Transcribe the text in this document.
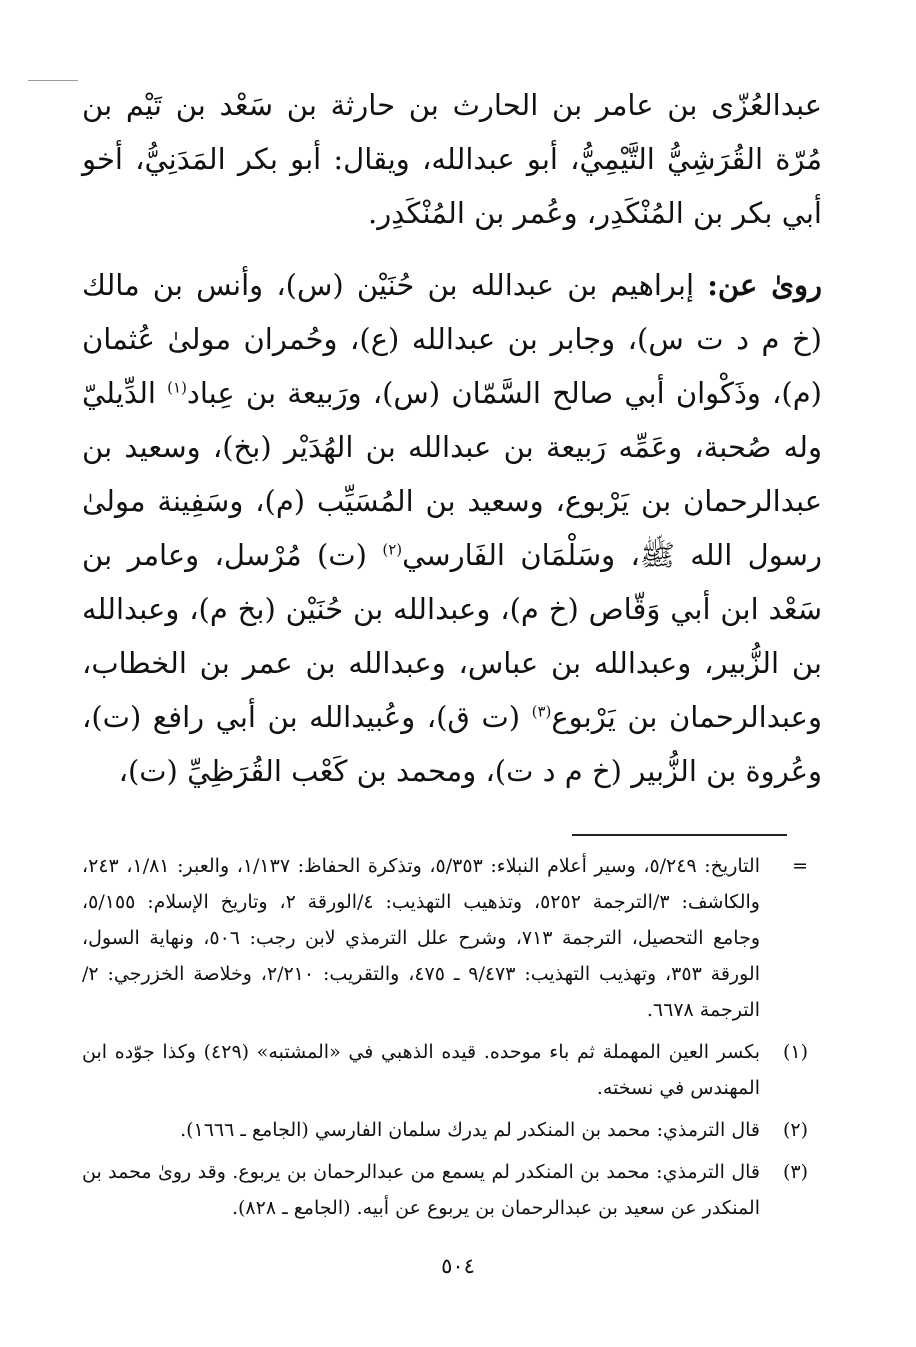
عبدالعُزّى بن عامر بن الحارث بن حارثة بن سَعْد بن تَيْم بن مُرّة القُرَشِيُّ التَّيْمِيُّ، أبو عبدالله، ويقال: أبو بكر المَدَنِيُّ، أخو أبي بكر بن المُنْكَدِر، وعُمر بن المُنْكَدِر.

روىٰ عن: إبراهيم بن عبدالله بن حُنَيْن (س)، وأنس بن مالك (خ م د ت س)، وجابر بن عبدالله (ع)، وحُمران مولىٰ عُثمان (م)، وذَكْوان أبي صالح السَّمّان (س)، ورَبيعة بن عِباد$^{(١)}$ الدِّيليّ وله صُحبة، وعَمِّه رَبيعة بن عبدالله بن الهُدَيْر (بخ)، وسعيد بن عبدالرحمان بن يَرْبوع، وسعيد بن المُسَيِّب (م)، وسَفِينة مولىٰ رسول الله ﷺ، وسَلْمَان الفَارسي$^{(٢)}$ (ت) مُرْسل، وعامر بن سَعْد ابن أبي وَقّاص (خ م)، وعبدالله بن حُنَيْن (بخ م)، وعبدالله بن الزُّبير، وعبدالله بن عباس، وعبدالله بن عمر بن الخطاب، وعبدالرحمان بن يَرْبوع$^{(٣)}$ (ت ق)، وعُبيدالله بن أبي رافع (ت)، وعُروة بن الزُّبير (خ م د ت)، ومحمد بن كَعْب القُرَظِيِّ (ت)،

=
التاريخ: ٥/٢٤٩، وسير أعلام النبلاء: ٥/٣٥٣، وتذكرة الحفاظ: ١/١٣٧، والعبر: ١/٨١، ٢٤٣، والكاشف: ٣/الترجمة ٥٢٥٢، وتذهيب التهذيب: ٤/الورقة ٢، وتاريخ الإسلام: ٥/١٥٥، وجامع التحصيل، الترجمة ٧١٣، وشرح علل الترمذي لابن رجب: ٥٠٦، ونهاية السول، الورقة ٣٥٣، وتهذيب التهذيب: ٩/٤٧٣ ـ ٤٧٥، والتقريب: ٢/٢١٠، وخلاصة الخزرجي: ٢/الترجمة ٦٦٧٨.
(١)
بكسر العين المهملة ثم باء موحده. قيده الذهبي في «المشتبه» (٤٢٩) وكذا جوّده ابن المهندس في نسخته.
(٢)
قال الترمذي: محمد بن المنكدر لم يدرك سلمان الفارسي (الجامع ـ ١٦٦٦).
(٣)
قال الترمذي: محمد بن المنكدر لم يسمع من عبدالرحمان بن يربوع. وقد روىٰ محمد بن المنكدر عن سعيد بن عبدالرحمان بن يربوع عن أبيه. (الجامع ـ ٨٢٨).
٥٠٤
